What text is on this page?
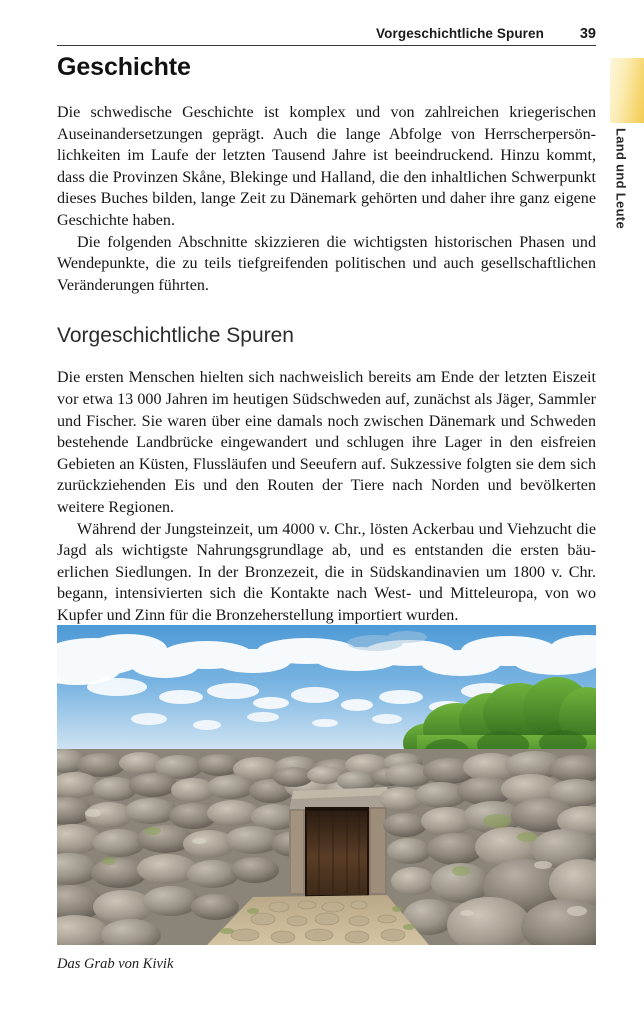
Vorgeschichtliche Spuren	39
Land und Leute
Geschichte

Die schwedische Geschichte ist komplex und von zahlreichen kriegerischen Auseinandersetzungen geprägt. Auch die lange Abfolge von Herrscherpersönlichkeiten im Laufe der letzten Tausend Jahre ist beeindruckend. Hinzu kommt, dass die Provinzen Skåne, Blekinge und Halland, die den inhaltlichen Schwerpunkt dieses Buches bilden, lange Zeit zu Dänemark gehörten und daher ihre ganz eigene Geschichte haben.

Die folgenden Abschnitte skizzieren die wichtigsten historischen Phasen und Wendepunkte, die zu teils tiefgreifenden politischen und auch gesellschaftlichen Veränderungen führten.

Vorgeschichtliche Spuren

Die ersten Menschen hielten sich nachweislich bereits am Ende der letzten Eiszeit vor etwa 13 000 Jahren im heutigen Südschweden auf, zunächst als Jäger, Sammler und Fischer. Sie waren über eine damals noch zwischen Dänemark und Schweden bestehende Landbrücke eingewandert und schlugen ihre Lager in den eisfreien Gebieten an Küsten, Flussläufen und Seeufern auf. Sukzessive folgten sie dem sich zurückziehenden Eis und den Routen der Tiere nach Norden und bevölkerten weitere Regionen.

Während der Jungsteinzeit, um 4000 v. Chr., lösten Ackerbau und Viehzucht die Jagd als wichtigste Nahrungsgrundlage ab, und es entstanden die ersten bäuerlichen Siedlungen. In der Bronzezeit, die in Südskandinavien um 1800 v. Chr. begann, intensivierten sich die Kontakte nach West- und Mitteleuropa, von wo Kupfer und Zinn für die Bronzeherstellung importiert wurden.

Das Grab von Kivik
